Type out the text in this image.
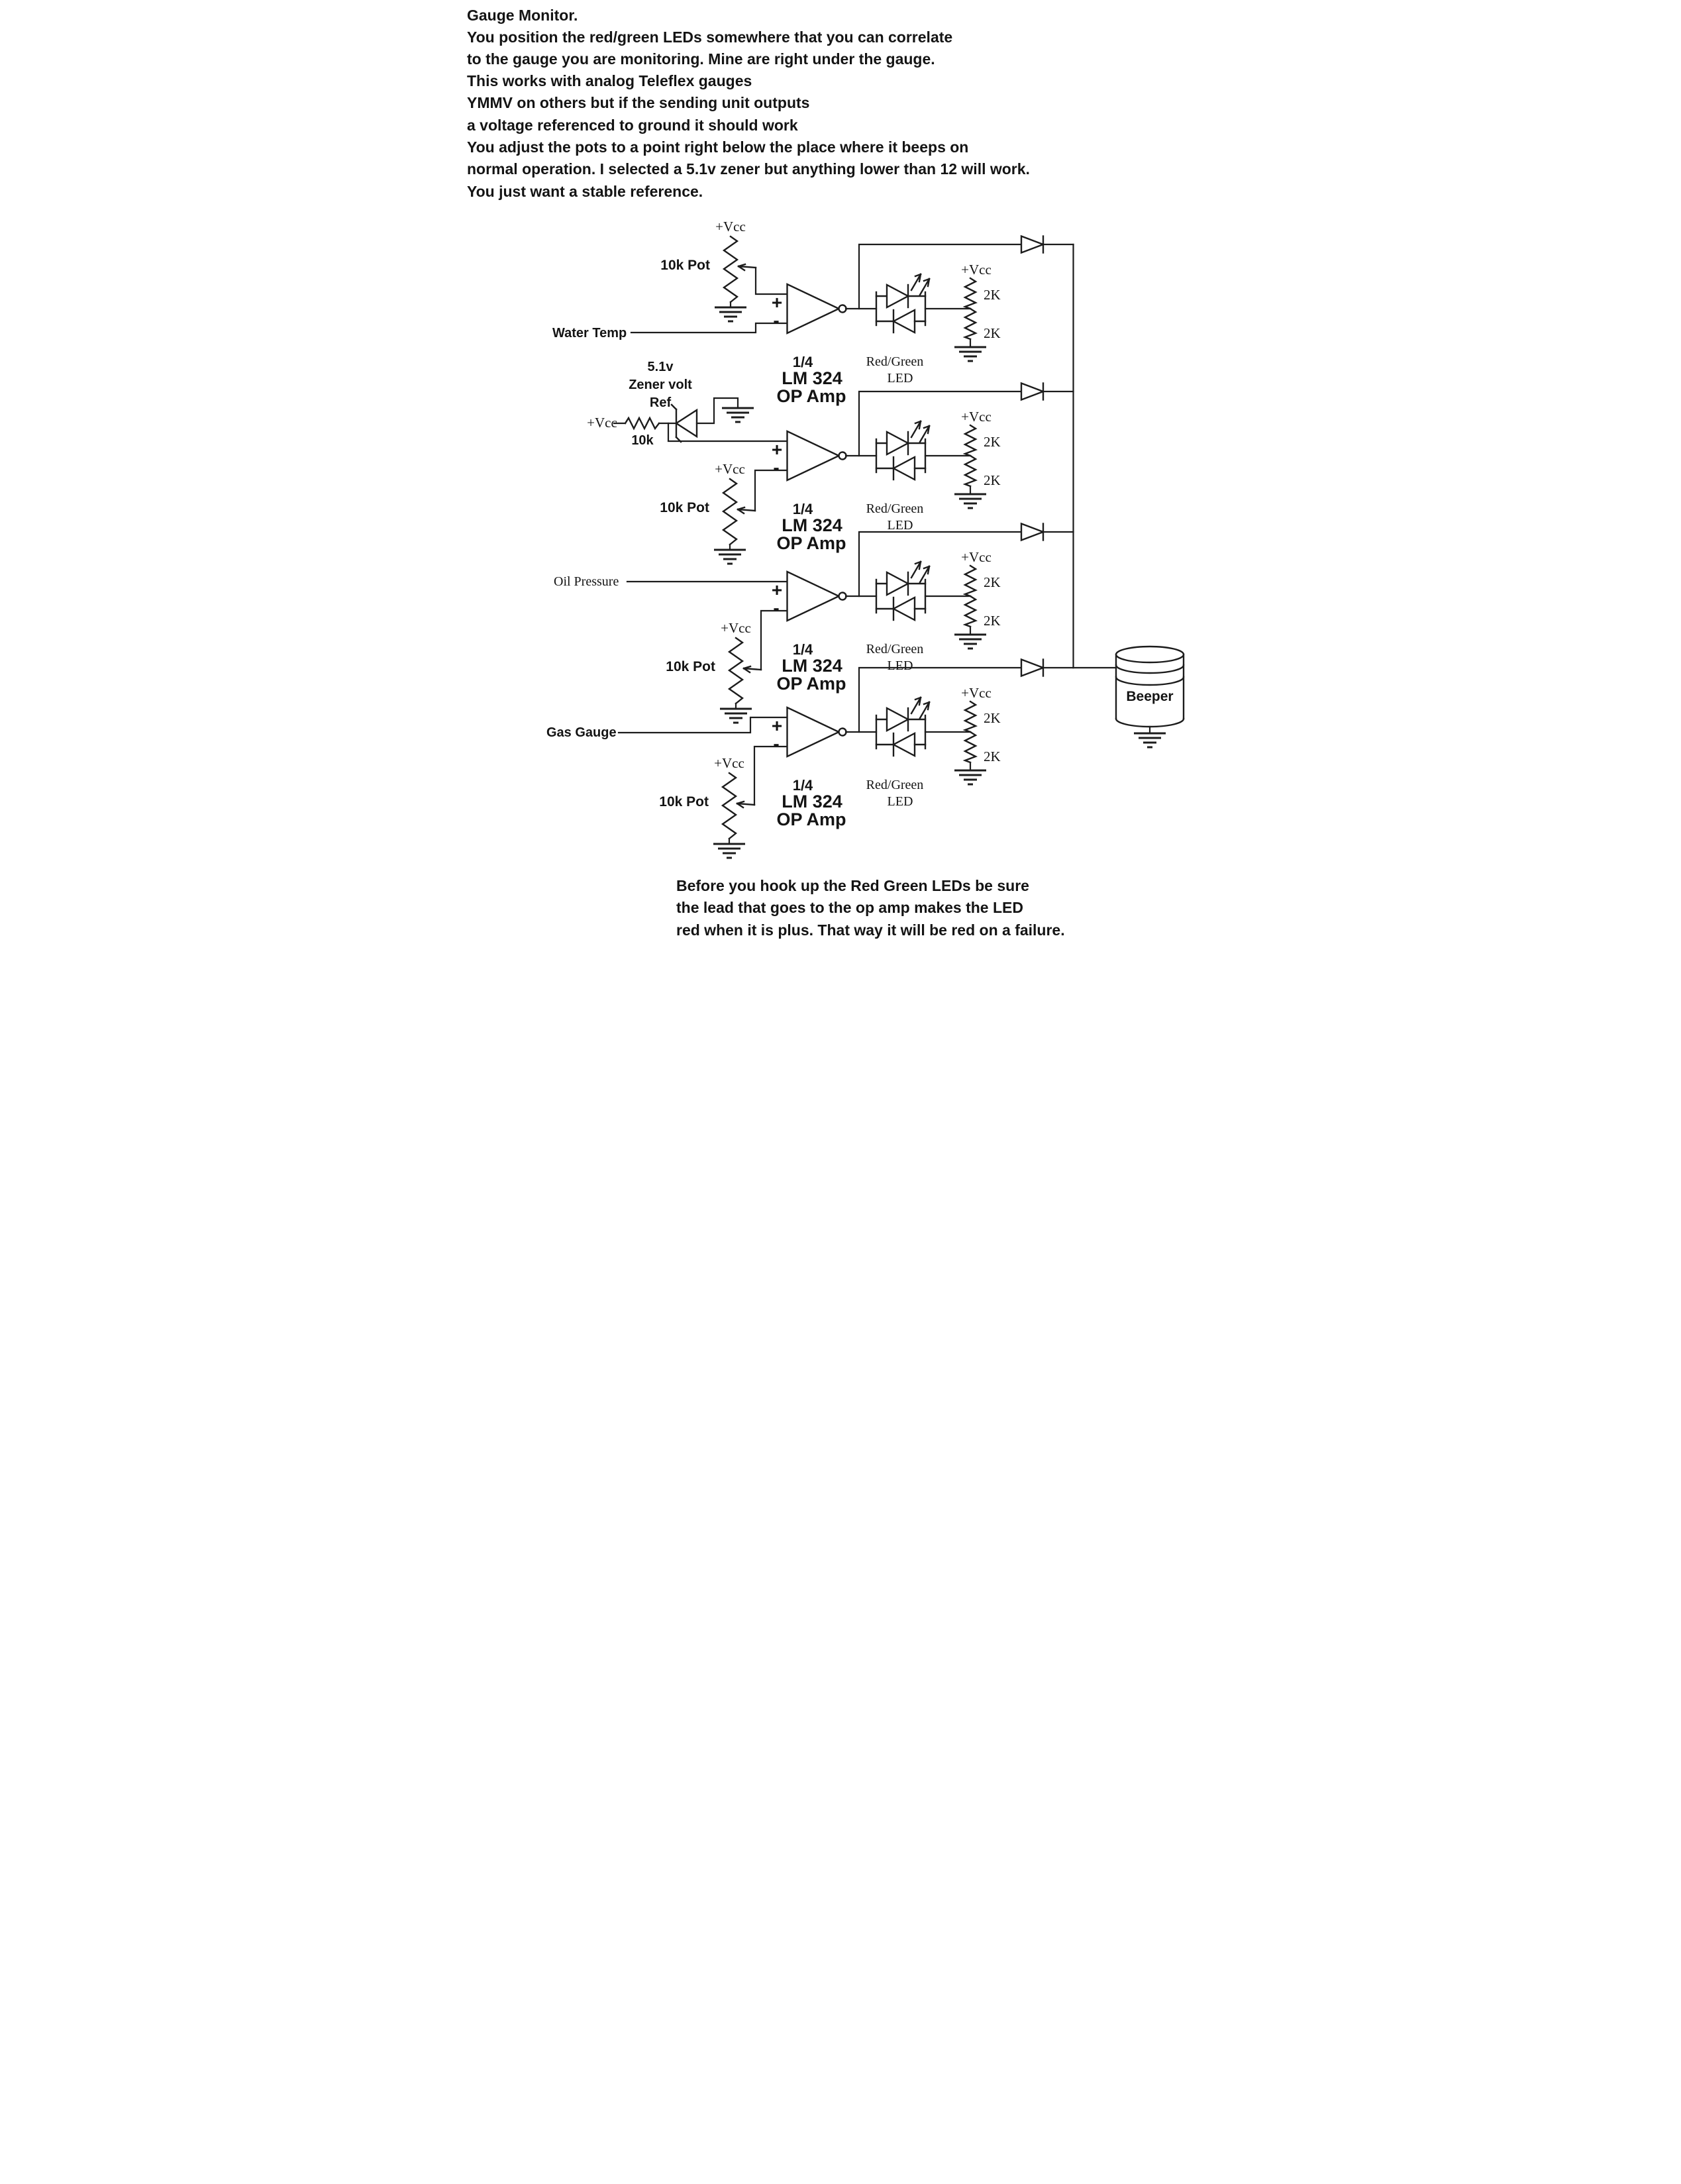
Gauge Monitor.
You position the red/green LEDs somewhere that you can correlate
to the gauge you are monitoring. Mine are right under the gauge.
This works with analog Teleflex gauges
YMMV on others but if the sending unit outputs
a voltage referenced to ground it should work
You adjust the pots to a point right below the place where it beeps on
normal operation. I selected a 5.1v zener but anything lower than 12 will work.
You just want a stable reference.
+Vcc
10k Pot
Water Temp
+
-
+Vcc
2K
2K
1/4
LM 324
OP Amp
Red/Green
LED
5.1v
Zener volt
Ref
+Vcc
10k
+Vcc
10k Pot
+
-
+Vcc
2K
2K
1/4
LM 324
OP Amp
Red/Green
LED
Oil Pressure
+Vcc
10k Pot
+
-
+Vcc
2K
2K
1/4
LM 324
OP Amp
Red/Green
LED
Gas Gauge
+Vcc
10k Pot
+
-
+Vcc
2K
2K
1/4
LM 324
OP Amp
Red/Green
LED
Beeper
Before you hook up the Red Green LEDs be sure
the lead that goes to the op amp makes the LED
red when it is plus. That way it will be red on a failure.
